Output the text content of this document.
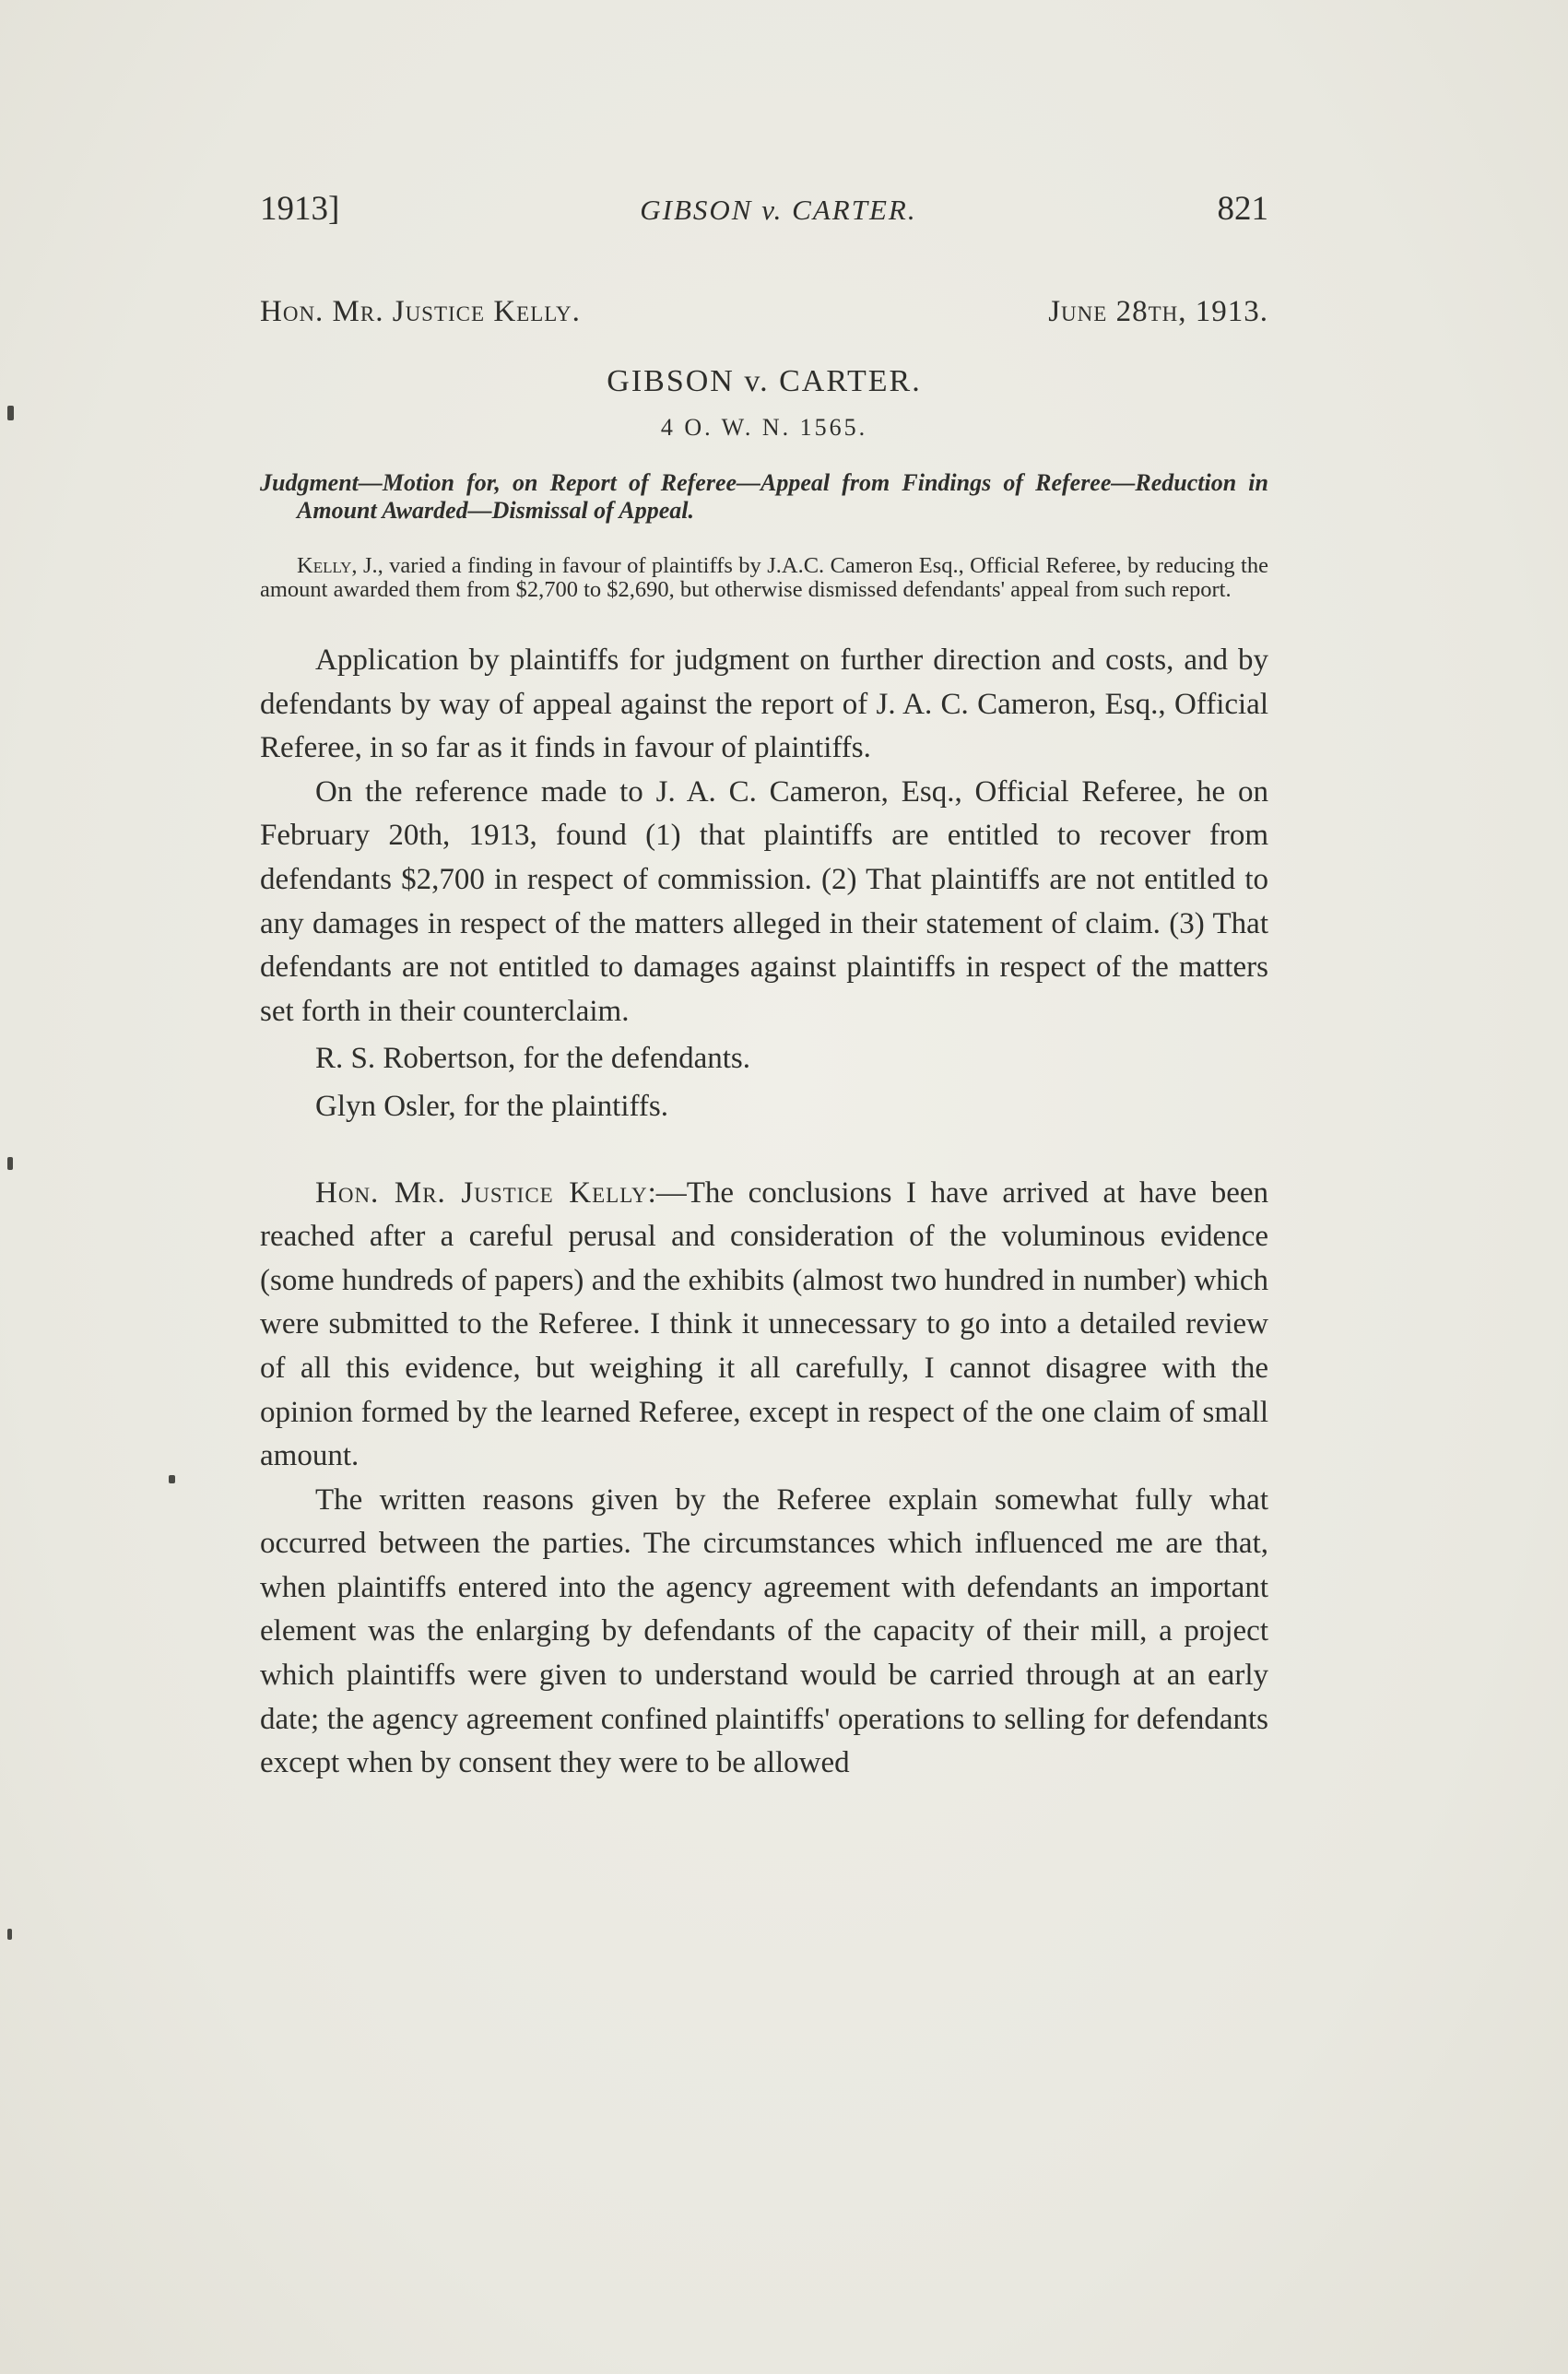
1913]	GIBSON v. CARTER.	821
Hon. Mr. Justice Kelly.	June 28th, 1913.
GIBSON v. CARTER.
4 O. W. N. 1565.
Judgment—Motion for, on Report of Referee—Appeal from Findings of Referee—Reduction in Amount Awarded—Dismissal of Appeal.
Kelly, J., varied a finding in favour of plaintiffs by J.A.C. Cameron Esq., Official Referee, by reducing the amount awarded them from $2,700 to $2,690, but otherwise dismissed defendants' appeal from such report.

Application by plaintiffs for judgment on further direction and costs, and by defendants by way of appeal against the report of J. A. C. Cameron, Esq., Official Referee, in so far as it finds in favour of plaintiffs.

On the reference made to J. A. C. Cameron, Esq., Official Referee, he on February 20th, 1913, found (1) that plaintiffs are entitled to recover from defendants $2,700 in respect of commission. (2) That plaintiffs are not entitled to any damages in respect of the matters alleged in their statement of claim. (3) That defendants are not entitled to damages against plaintiffs in respect of the matters set forth in their counterclaim.

R. S. Robertson, for the defendants.

Glyn Osler, for the plaintiffs.

Hon. Mr. Justice Kelly:—The conclusions I have arrived at have been reached after a careful perusal and consideration of the voluminous evidence (some hundreds of papers) and the exhibits (almost two hundred in number) which were submitted to the Referee. I think it unnecessary to go into a detailed review of all this evidence, but weighing it all carefully, I cannot disagree with the opinion formed by the learned Referee, except in respect of the one claim of small amount.

The written reasons given by the Referee explain somewhat fully what occurred between the parties. The circumstances which influenced me are that, when plaintiffs entered into the agency agreement with defendants an important element was the enlarging by defendants of the capacity of their mill, a project which plaintiffs were given to understand would be carried through at an early date; the agency agreement confined plaintiffs' operations to selling for defendants except when by consent they were to be allowed
